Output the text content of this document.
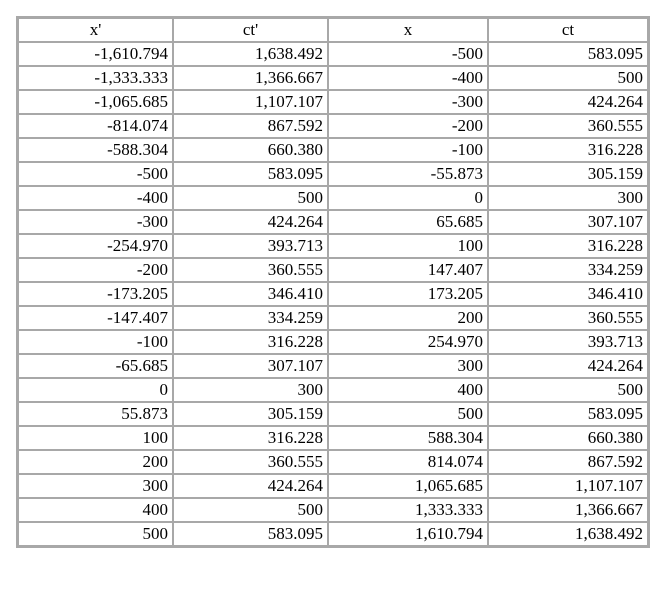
x'	ct'	x	ct
-1,610.794	1,638.492	-500	583.095
-1,333.333	1,366.667	-400	500
-1,065.685	1,107.107	-300	424.264
-814.074	867.592	-200	360.555
-588.304	660.380	-100	316.228
-500	583.095	-55.873	305.159
-400	500	0	300
-300	424.264	65.685	307.107
-254.970	393.713	100	316.228
-200	360.555	147.407	334.259
-173.205	346.410	173.205	346.410
-147.407	334.259	200	360.555
-100	316.228	254.970	393.713
-65.685	307.107	300	424.264
0	300	400	500
55.873	305.159	500	583.095
100	316.228	588.304	660.380
200	360.555	814.074	867.592
300	424.264	1,065.685	1,107.107
400	500	1,333.333	1,366.667
500	583.095	1,610.794	1,638.492
